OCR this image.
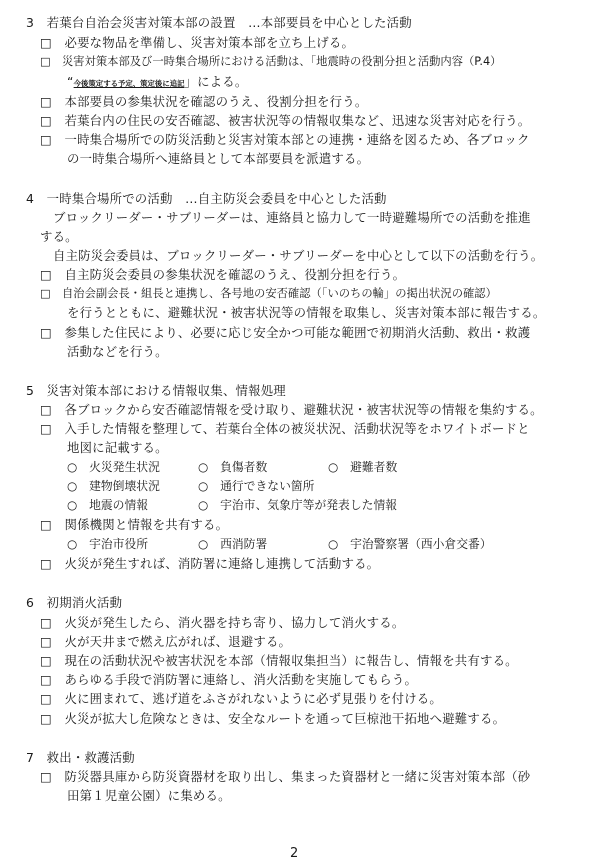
3　若葉台自治会災害対策本部の設置　…本部要員を中心とした活動
□　必要な物品を準備し、災害対策本部を立ち上げる。
□　災害対策本部及び一時集合場所における活動は、「地震時の役割分担と活動内容（P.4）
“今後策定する予定、策定後に追記」による。
□　本部要員の参集状況を確認のうえ、役割分担を行う。
□　若葉台内の住民の安否確認、被害状況等の情報収集など、迅速な災害対応を行う。
□　一時集合場所での防災活動と災害対策本部との連携・連絡を図るため、各ブロック
の一時集合場所へ連絡員として本部要員を派遣する。
4　一時集合場所での活動　…自主防災会委員を中心とした活動
ブロックリーダー・サブリーダーは、連絡員と協力して一時避難場所での活動を推進
する。
自主防災会委員は、ブロックリーダー・サブリーダーを中心として以下の活動を行う。
□　自主防災会委員の参集状況を確認のうえ、役割分担を行う。
□　自治会副会長・組長と連携し、各号地の安否確認（「いのちの輪」の掲出状況の確認）
を行うとともに、避難状況・被害状況等の情報を取集し、災害対策本部に報告する。
□　参集した住民により、必要に応じ安全かつ可能な範囲で初期消火活動、救出・救護
活動などを行う。
5　災害対策本部における情報収集、情報処理
□　各ブロックから安否確認情報を受け取り、避難状況・被害状況等の情報を集約する。
□　入手した情報を整理して、若葉台全体の被災状況、活動状況等をホワイトボードと
地図に記載する。
○　火災発生状況	○　負傷者数	○　避難者数
○　建物倒壊状況	○　通行できない箇所
○　地震の情報	○　宇治市、気象庁等が発表した情報
□　関係機関と情報を共有する。
○　宇治市役所	○　西消防署	○　宇治警察署（西小倉交番）
□　火災が発生すれば、消防署に連絡し連携して活動する。
6　初期消火活動
□　火災が発生したら、消火器を持ち寄り、協力して消火する。
□　火が天井まで燃え広がれば、退避する。
□　現在の活動状況や被害状況を本部（情報収集担当）に報告し、情報を共有する。
□　あらゆる手段で消防署に連絡し、消火活動を実施してもらう。
□　火に囲まれて、逃げ道をふさがれないように必ず見張りを付ける。
□　火災が拡大し危険なときは、安全なルートを通って巨椋池干拓地へ避難する。
7　救出・救護活動
□　防災器具庫から防災資器材を取り出し、集まった資器材と一緒に災害対策本部（砂
田第１児童公園）に集める。
2
